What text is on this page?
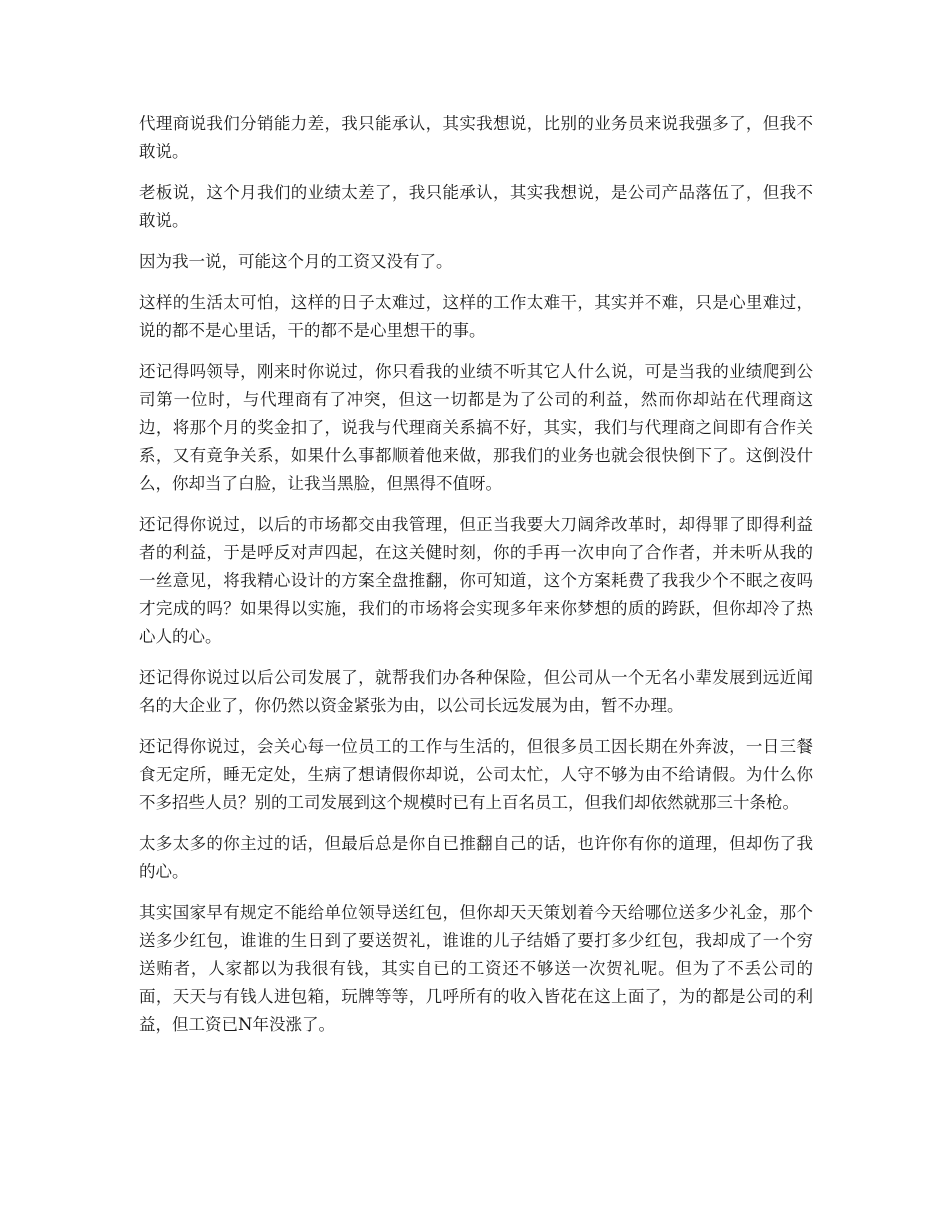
代理商说我们分销能力差，我只能承认，其实我想说，比别的业务员来说我强多了，但我不敢说。

老板说，这个月我们的业绩太差了，我只能承认，其实我想说，是公司产品落伍了，但我不敢说。

因为我一说，可能这个月的工资又没有了。

这样的生活太可怕，这样的日子太难过，这样的工作太难干，其实并不难，只是心里难过，说的都不是心里话，干的都不是心里想干的事。

还记得吗领导，刚来时你说过，你只看我的业绩不听其它人什么说，可是当我的业绩爬到公司第一位时，与代理商有了冲突，但这一切都是为了公司的利益，然而你却站在代理商这边，将那个月的奖金扣了，说我与代理商关系搞不好，其实，我们与代理商之间即有合作关系，又有竟争关系，如果什么事都顺着他来做，那我们的业务也就会很快倒下了。这倒没什么，你却当了白脸，让我当黑脸，但黑得不值呀。

还记得你说过，以后的市场都交由我管理，但正当我要大刀阔斧改革时，却得罪了即得利益者的利益，于是呼反对声四起，在这关健时刻，你的手再一次申向了合作者，并未听从我的一丝意见，将我精心设计的方案全盘推翻，你可知道，这个方案耗费了我我少个不眠之夜吗才完成的吗？如果得以实施，我们的市场将会实现多年来你梦想的质的跨跃，但你却冷了热心人的心。

还记得你说过以后公司发展了，就帮我们办各种保险，但公司从一个无名小辈发展到远近闻名的大企业了，你仍然以资金紧张为由，以公司长远发展为由，暂不办理。

还记得你说过，会关心每一位员工的工作与生活的，但很多员工因长期在外奔波，一日三餐食无定所，睡无定处，生病了想请假你却说，公司太忙，人守不够为由不给请假。为什么你不多招些人员？别的工司发展到这个规模时已有上百名员工，但我们却依然就那三十条枪。

太多太多的你主过的话，但最后总是你自已推翻自己的话，也许你有你的道理，但却伤了我的心。

其实国家早有规定不能给单位领导送红包，但你却天天策划着今天给哪位送多少礼金，那个送多少红包，谁谁的生日到了要送贺礼，谁谁的儿子结婚了要打多少红包，我却成了一个穷送贿者，人家都以为我很有钱，其实自已的工资还不够送一次贺礼呢。但为了不丢公司的面，天天与有钱人进包箱，玩牌等等，几呼所有的收入皆花在这上面了，为的都是公司的利益，但工资已N年没涨了。
